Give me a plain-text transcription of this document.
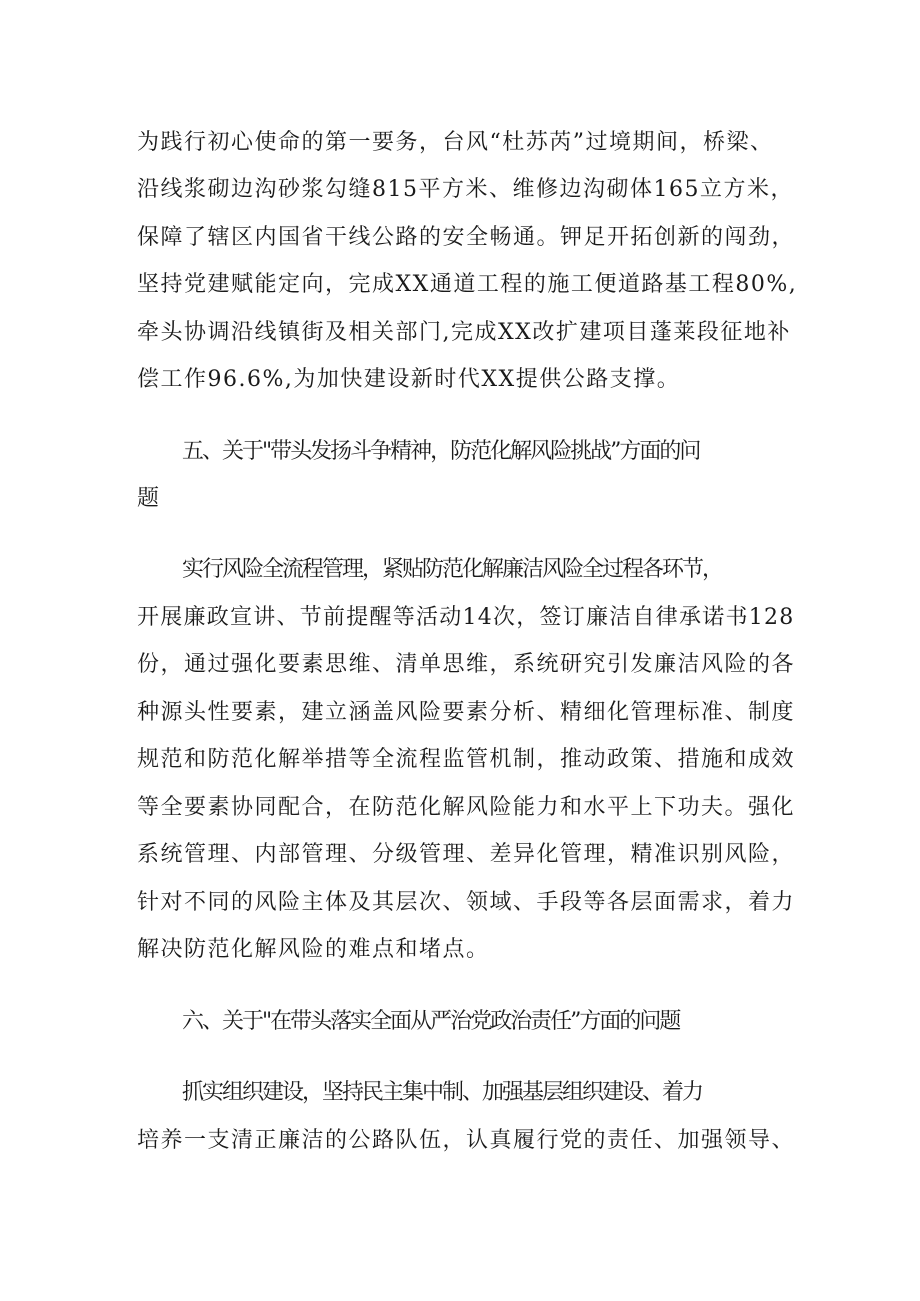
为践行初心使命的第一要务，台风“杜苏芮”过境期间，桥梁、
沿线浆砌边沟砂浆勾缝815平方米、维修边沟砌体165立方米，
保障了辖区内国省干线公路的安全畅通。钾足开拓创新的闯劲，
坚持党建赋能定向，完成XX通道工程的施工便道路基工程80%,
牵头协调沿线镇街及相关部门,完成XX改扩建项目蓬莱段征地补
偿工作96.6%,为加快建设新时代XX提供公路支撑。
五、关于"带头发扬斗争精神，防范化解风险挑战”方面的问
题
实行风险全流程管理，紧贴防范化解廉洁风险全过程各环节，
开展廉政宣讲、节前提醒等活动14次，签订廉洁自律承诺书128
份，通过强化要素思维、清单思维，系统研究引发廉洁风险的各
种源头性要素，建立涵盖风险要素分析、精细化管理标准、制度
规范和防范化解举措等全流程监管机制，推动政策、措施和成效
等全要素协同配合，在防范化解风险能力和水平上下功夫。强化
系统管理、内部管理、分级管理、差异化管理，精准识别风险，
针对不同的风险主体及其层次、领域、手段等各层面需求，着力
解决防范化解风险的难点和堵点。
六、关于"在带头落实全面从严治党政治责任”方面的问题
抓实组织建设，坚持民主集中制、加强基层组织建设、着力
培养一支清正廉洁的公路队伍，认真履行党的责任、加强领导、
